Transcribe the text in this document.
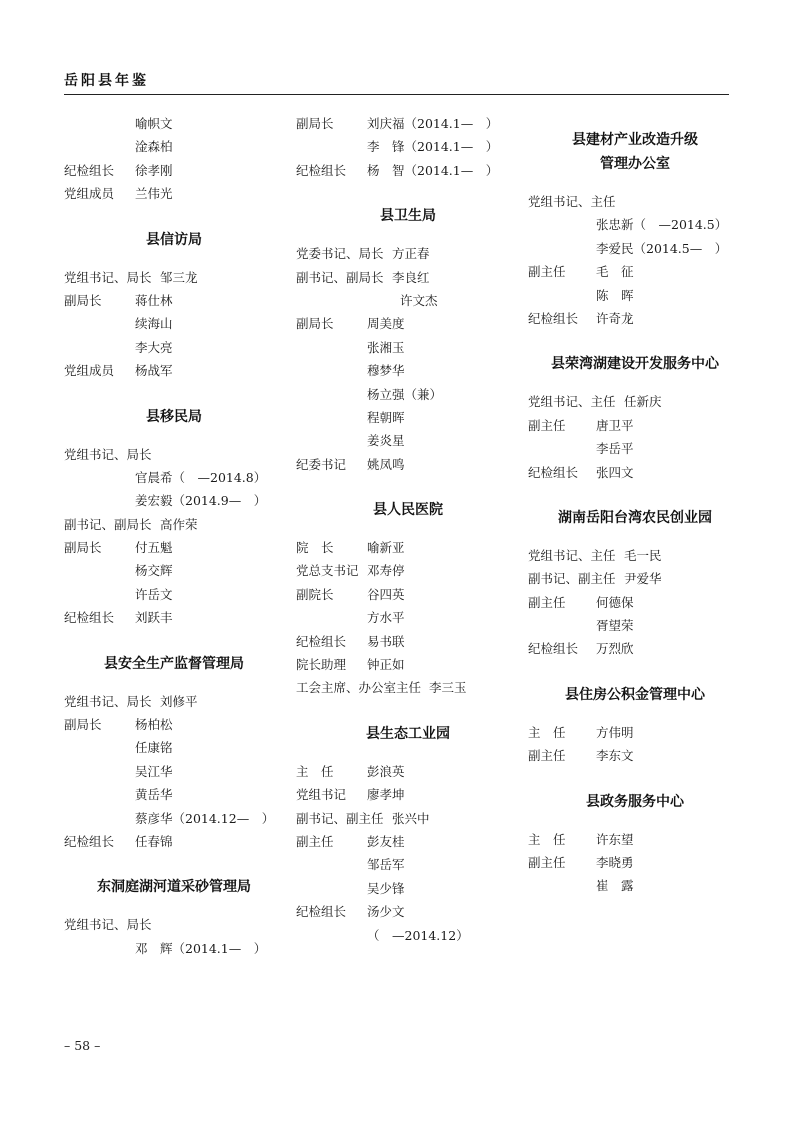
岳阳县年鉴
喻帜文
淦森柏
纪检组长 徐孝刚
党组成员 兰伟光
县信访局
党组书记、局长 邹三龙
副局长	蒋仕林
续海山
李大亮
党组成员 杨战军
县移民局
党组书记、局长
官晨希（　—2014.8）
姜宏毅（2014.9—　）
副书记、副局长 高作荣
副局长	付五魁
杨交辉
许岳文
纪检组长 刘跃丰
县安全生产监督管理局
党组书记、局长 刘修平
副局长	杨柏松
任康铭
吴江华
黄岳华
蔡彦华（2014.12—　）
纪检组长 任春锦
东洞庭湖河道采砂管理局
党组书记、局长
邓　辉（2014.1—　）
副局长	刘庆福（2014.1—　）
李　锋（2014.1—　）
纪检组长 杨　智（2014.1—　）
县卫生局
党委书记、局长 方正春
副书记、副局长 李良红
许文杰
副局长	周美度
张湘玉
穆梦华
杨立强（兼）
程朝晖
姜炎星
纪委书记 姚凤鸣
县人民医院
院　长	喻新亚
党总支书记 邓寿停
副院长	谷四英
方水平
纪检组长 易书联
院长助理 钟正如
工会主席、办公室主任 李三玉
县生态工业园
主　任	彭浪英
党组书记 廖孝坤
副书记、副主任 张兴中
副主任	彭友桂
邹岳军
吴少锋
纪检组长 汤少文
（　—2014.12）
县建材产业改造升级
管理办公室
党组书记、主任
张忠新（　—2014.5）
李爱民（2014.5—　）
副主任 毛　征
陈　晖
纪检组长 许奇龙
县荣湾湖建设开发服务中心
党组书记、主任 任新庆
副主任 唐卫平
李岳平
纪检组长 张四文
湖南岳阳台湾农民创业园
党组书记、主任 毛一民
副书记、副主任 尹爱华
副主任 何德保
胥望荣
纪检组长 万烈欣
县住房公积金管理中心
主　任 方伟明
副主任 李东文
县政务服务中心
主　任 许东望
副主任 李晓勇
崔　露
– 58 –
